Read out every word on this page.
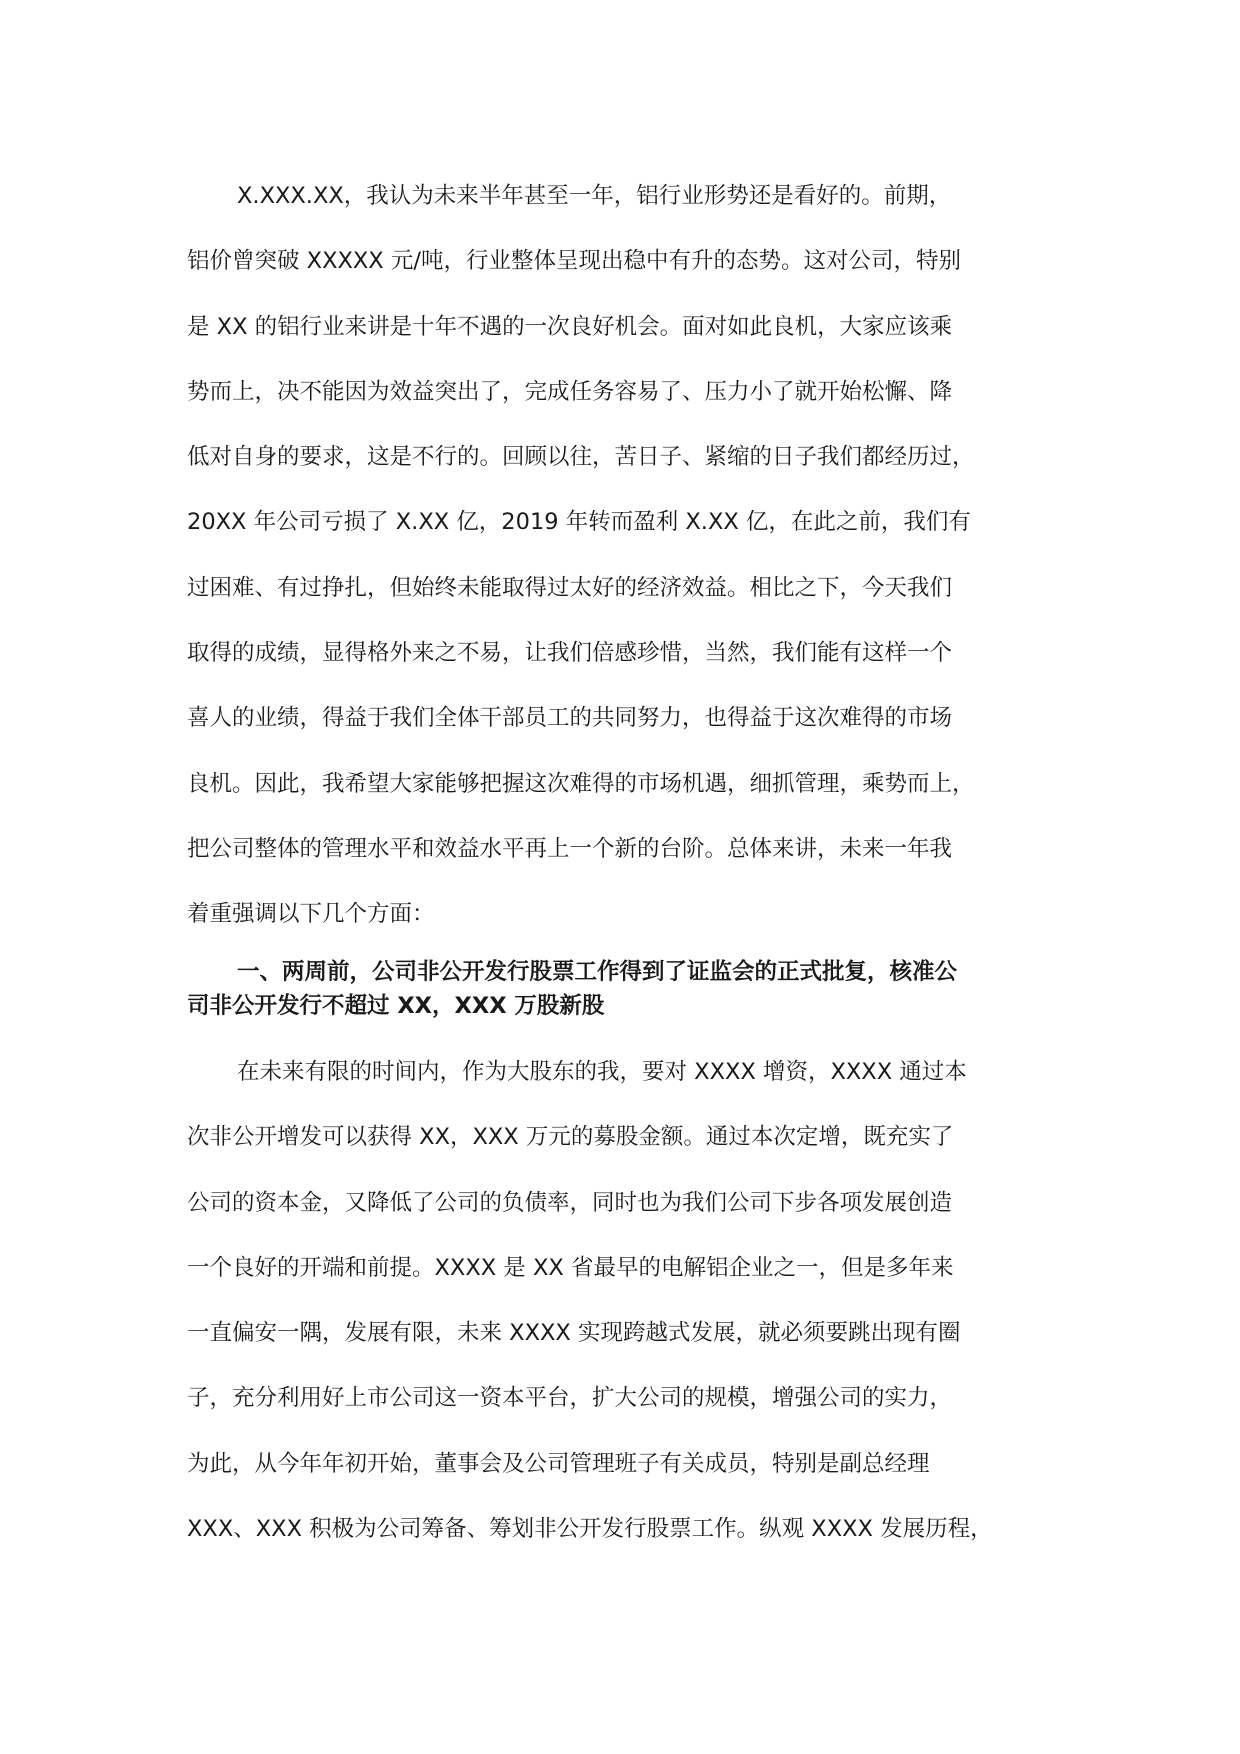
X.XXX.XX，我认为未来半年甚至一年，铝行业形势还是看好的。前期，
铝价曾突破 XXXXX 元/吨，行业整体呈现出稳中有升的态势。这对公司，特别
是 XX 的铝行业来讲是十年不遇的一次良好机会。面对如此良机，大家应该乘
势而上，决不能因为效益突出了，完成任务容易了、压力小了就开始松懈、降
低对自身的要求，这是不行的。回顾以往，苦日子、紧缩的日子我们都经历过，
20XX 年公司亏损了 X.XX 亿，2019 年转而盈利 X.XX 亿，在此之前，我们有
过困难、有过挣扎，但始终未能取得过太好的经济效益。相比之下，今天我们
取得的成绩，显得格外来之不易，让我们倍感珍惜，当然，我们能有这样一个
喜人的业绩，得益于我们全体干部员工的共同努力，也得益于这次难得的市场
良机。因此，我希望大家能够把握这次难得的市场机遇，细抓管理，乘势而上，
把公司整体的管理水平和效益水平再上一个新的台阶。总体来讲，未来一年我
着重强调以下几个方面：
一、两周前，公司非公开发行股票工作得到了证监会的正式批复，核准公
司非公开发行不超过 XX，XXX 万股新股
在未来有限的时间内，作为大股东的我，要对 XXXX 增资，XXXX 通过本
次非公开增发可以获得 XX，XXX 万元的募股金额。通过本次定增，既充实了
公司的资本金，又降低了公司的负债率，同时也为我们公司下步各项发展创造
一个良好的开端和前提。XXXX 是 XX 省最早的电解铝企业之一，但是多年来
一直偏安一隅，发展有限，未来 XXXX 实现跨越式发展，就必须要跳出现有圈
子，充分利用好上市公司这一资本平台，扩大公司的规模，增强公司的实力，
为此，从今年年初开始，董事会及公司管理班子有关成员，特别是副总经理
XXX、XXX 积极为公司筹备、筹划非公开发行股票工作。纵观 XXXX 发展历程，
